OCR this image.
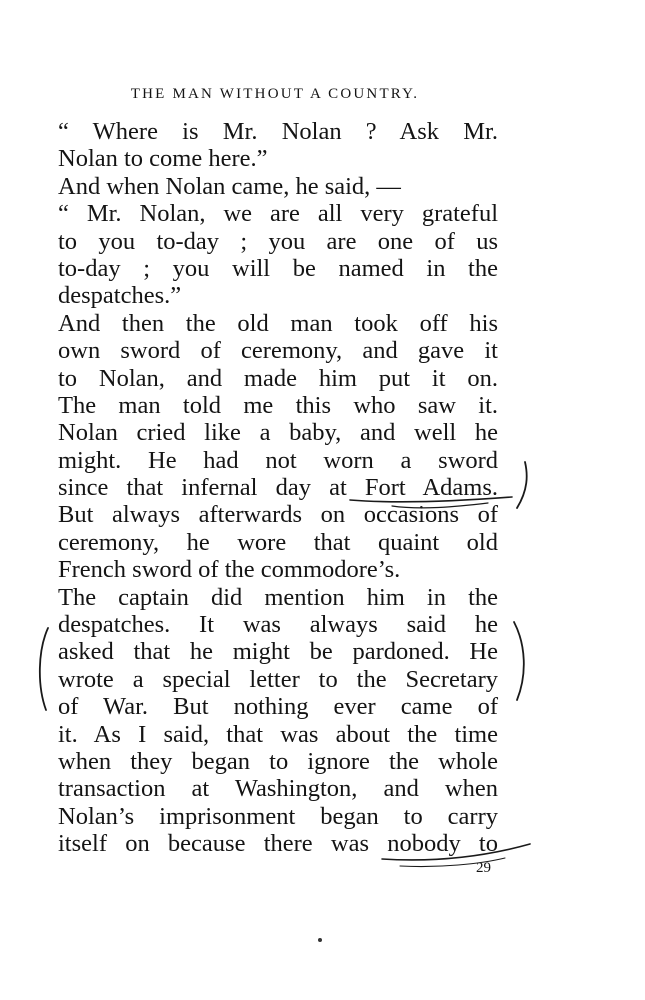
THE MAN WITHOUT A COUNTRY.
“ Where is Mr. Nolan ? Ask Mr.
Nolan to come here.”
And when Nolan came, he said, —
“ Mr. Nolan, we are all very grateful
to you to-day ; you are one of us
to-day ; you will be named in the
despatches.”
And then the old man took off his
own sword of ceremony, and gave it
to Nolan, and made him put it on.
The man told me this who saw it.
Nolan cried like a baby, and well he
might. He had not worn a sword
since that infernal day at Fort Adams.
But always afterwards on occasions of
ceremony, he wore that quaint old
French sword of the commodore’s.
The captain did mention him in the
despatches. It was always said he
asked that he might be pardoned. He
wrote a special letter to the Secretary
of War. But nothing ever came of
it. As I said, that was about the time
when they began to ignore the whole
transaction at Washington, and when
Nolan’s imprisonment began to carry
itself on because there was nobody to
29
